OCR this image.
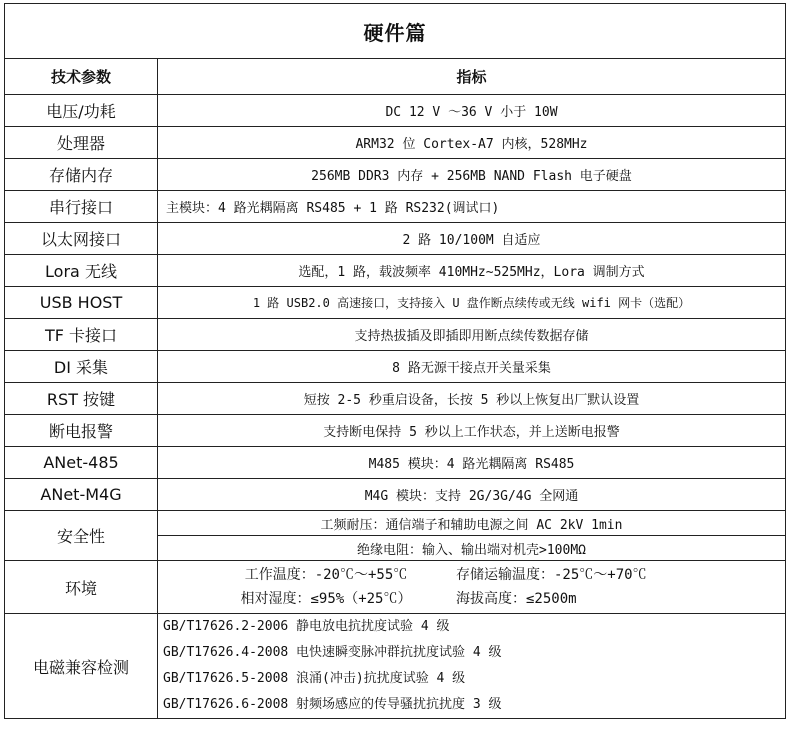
硬件篇	
技术参数	指标
电压/功耗	DC 12 V ～36 V 小于 10W
处理器	ARM32 位 Cortex-A7 内核，528MHz
存储内存	256MB DDR3 内存 + 256MB NAND Flash 电子硬盘
串行接口	主模块：4 路光耦隔离 RS485 + 1 路 RS232(调试口)
以太网接口	2 路 10/100M 自适应
Lora 无线	选配，1 路，载波频率 410MHz~525MHz，Lora 调制方式
USB HOST	1 路 USB2.0 高速接口，支持接入 U 盘作断点续传或无线 wifi 网卡（选配）
TF 卡接口	支持热拔插及即插即用断点续传数据存储
DI 采集	8 路无源干接点开关量采集
RST 按键	短按 2-5 秒重启设备，长按 5 秒以上恢复出厂默认设置
断电报警	支持断电保持 5 秒以上工作状态，并上送断电报警
ANet-485	M485 模块：4 路光耦隔离 RS485
ANet-M4G	M4G 模块：支持 2G/3G/4G 全网通
安全性	工频耐压：通信端子和辅助电源之间 AC 2kV 1min
	绝缘电阻：输入、输出端对机壳>100MΩ
环境	工作温度：-20℃～+55℃ 存储运输温度：-25℃～+70℃
相对湿度：≤95%（+25℃） 海拔高度：≤2500m

电磁兼容检测	GB/T17626.2-2006 静电放电抗扰度试验 4 级
GB/T17626.4-2008 电快速瞬变脉冲群抗扰度试验 4 级
GB/T17626.5-2008 浪涌(冲击)抗扰度试验 4 级
GB/T17626.6-2008 射频场感应的传导骚扰抗扰度 3 级
